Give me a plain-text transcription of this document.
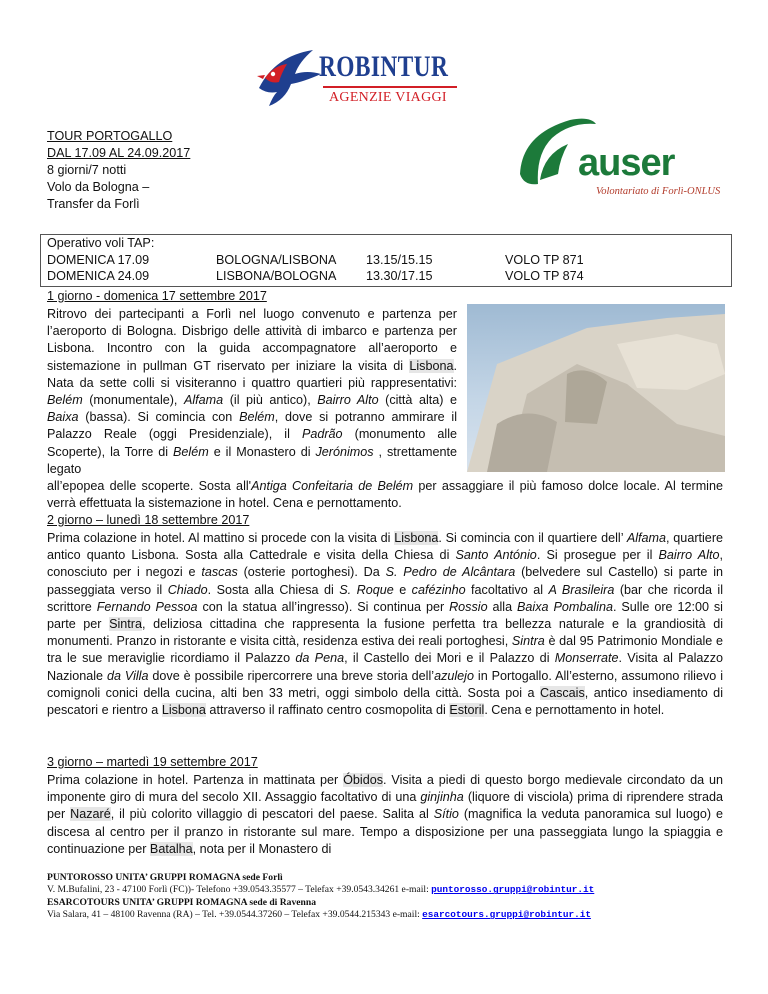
ROBINTUR
AGENZIE VIAGGI
auser
Volontariato di Forlì-ONLUS
TOUR PORTOGALLO
DAL 17.09 AL 24.09.2017
8 giorni/7 notti
Volo da Bologna –
Transfer da Forlì
Operativo voli TAP:
DOMENICA 17.09	BOLOGNA/LISBONA 13.15/15.15	VOLO TP 871
DOMENICA 24.09	LISBONA/BOLOGNA 13.30/17.15	VOLO TP 874
1 giorno - domenica 17 settembre 2017
Ritrovo dei partecipanti a Forlì nel luogo convenuto e partenza per l’aeroporto di Bologna. Disbrigo delle attività di imbarco e partenza per Lisbona. Incontro con la guida accompagnatore all’aeroporto e sistemazione in pullman GT riservato per iniziare la visita di Lisbona. Nata da sette colli si visiteranno i quattro quartieri più rappresentativi: Belém (monumentale), Alfama (il più antico), Bairro Alto (città alta) e Baixa (bassa). Si comincia con Belém, dove si potranno ammirare il Palazzo Reale (oggi Presidenziale), il Padrão (monumento alle Scoperte), la Torre di Belém e il Monastero di Jerónimos , strettamente legato
all’epopea delle scoperte. Sosta all'Antiga Confeitaria de Belém per assaggiare il più famoso dolce locale. Al termine verrà effettuata la sistemazione in hotel. Cena e pernottamento.
2 giorno – lunedì 18 settembre 2017
Prima colazione in hotel. Al mattino si procede con la visita di Lisbona. Si comincia con il quartiere dell’ Alfama, quartiere antico quanto Lisbona. Sosta alla Cattedrale e visita della Chiesa di Santo António. Si prosegue per il Bairro Alto, conosciuto per i negozi e tascas (osterie portoghesi). Da S. Pedro de Alcântara (belvedere sul Castello) si parte in passeggiata verso il Chiado. Sosta alla Chiesa di S. Roque e cafézinho facoltativo al A Brasileira (bar che ricorda il scrittore Fernando Pessoa con la statua all’ingresso). Si continua per Rossio alla Baixa Pombalina. Sulle ore 12:00 si parte per Sintra, deliziosa cittadina che rappresenta la fusione perfetta tra bellezza naturale e la grandiosità di monumenti. Pranzo in ristorante e visita città, residenza estiva dei reali portoghesi, Sintra è dal 95 Patrimonio Mondiale e tra le sue meraviglie ricordiamo il Palazzo da Pena, il Castello dei Mori e il Palazzo di Monserrate. Visita al Palazzo Nazionale da Villa dove è possibile ripercorrere una breve storia dell’azulejo in Portogallo. All’esterno, assumono rilievo i comignoli conici della cucina, alti ben 33 metri, oggi simbolo della città. Sosta poi a Cascais, antico insediamento di pescatori e rientro a Lisbona attraverso il raffinato centro cosmopolita di Estoril. Cena e pernottamento in hotel.
3 giorno – martedì 19 settembre 2017
Prima colazione in hotel. Partenza in mattinata per Óbidos. Visita a piedi di questo borgo medievale circondato da un imponente giro di mura del secolo XII. Assaggio facoltativo di una ginjinha (liquore di visciola) prima di riprendere strada per Nazaré, il più colorito villaggio di pescatori del paese. Salita al Sítio (magnifica la veduta panoramica sul luogo) e discesa al centro per il pranzo in ristorante sul mare. Tempo a disposizione per una passeggiata lungo la spiaggia e continuazione per Batalha, nota per il Monastero di
PUNTOROSSO UNITA’ GRUPPI ROMAGNA sede Forlì
V. M.Bufalini, 23 - 47100 Forlì (FC))- Telefono +39.0543.35577 – Telefax +39.0543.34261 e-mail: puntorosso.gruppi@robintur.it
ESARCOTOURS UNITA’ GRUPPI ROMAGNA sede di Ravenna
Via Salara, 41 – 48100 Ravenna (RA) – Tel. +39.0544.37260 – Telefax +39.0544.215343 e-mail: esarcotours.gruppi@robintur.it
